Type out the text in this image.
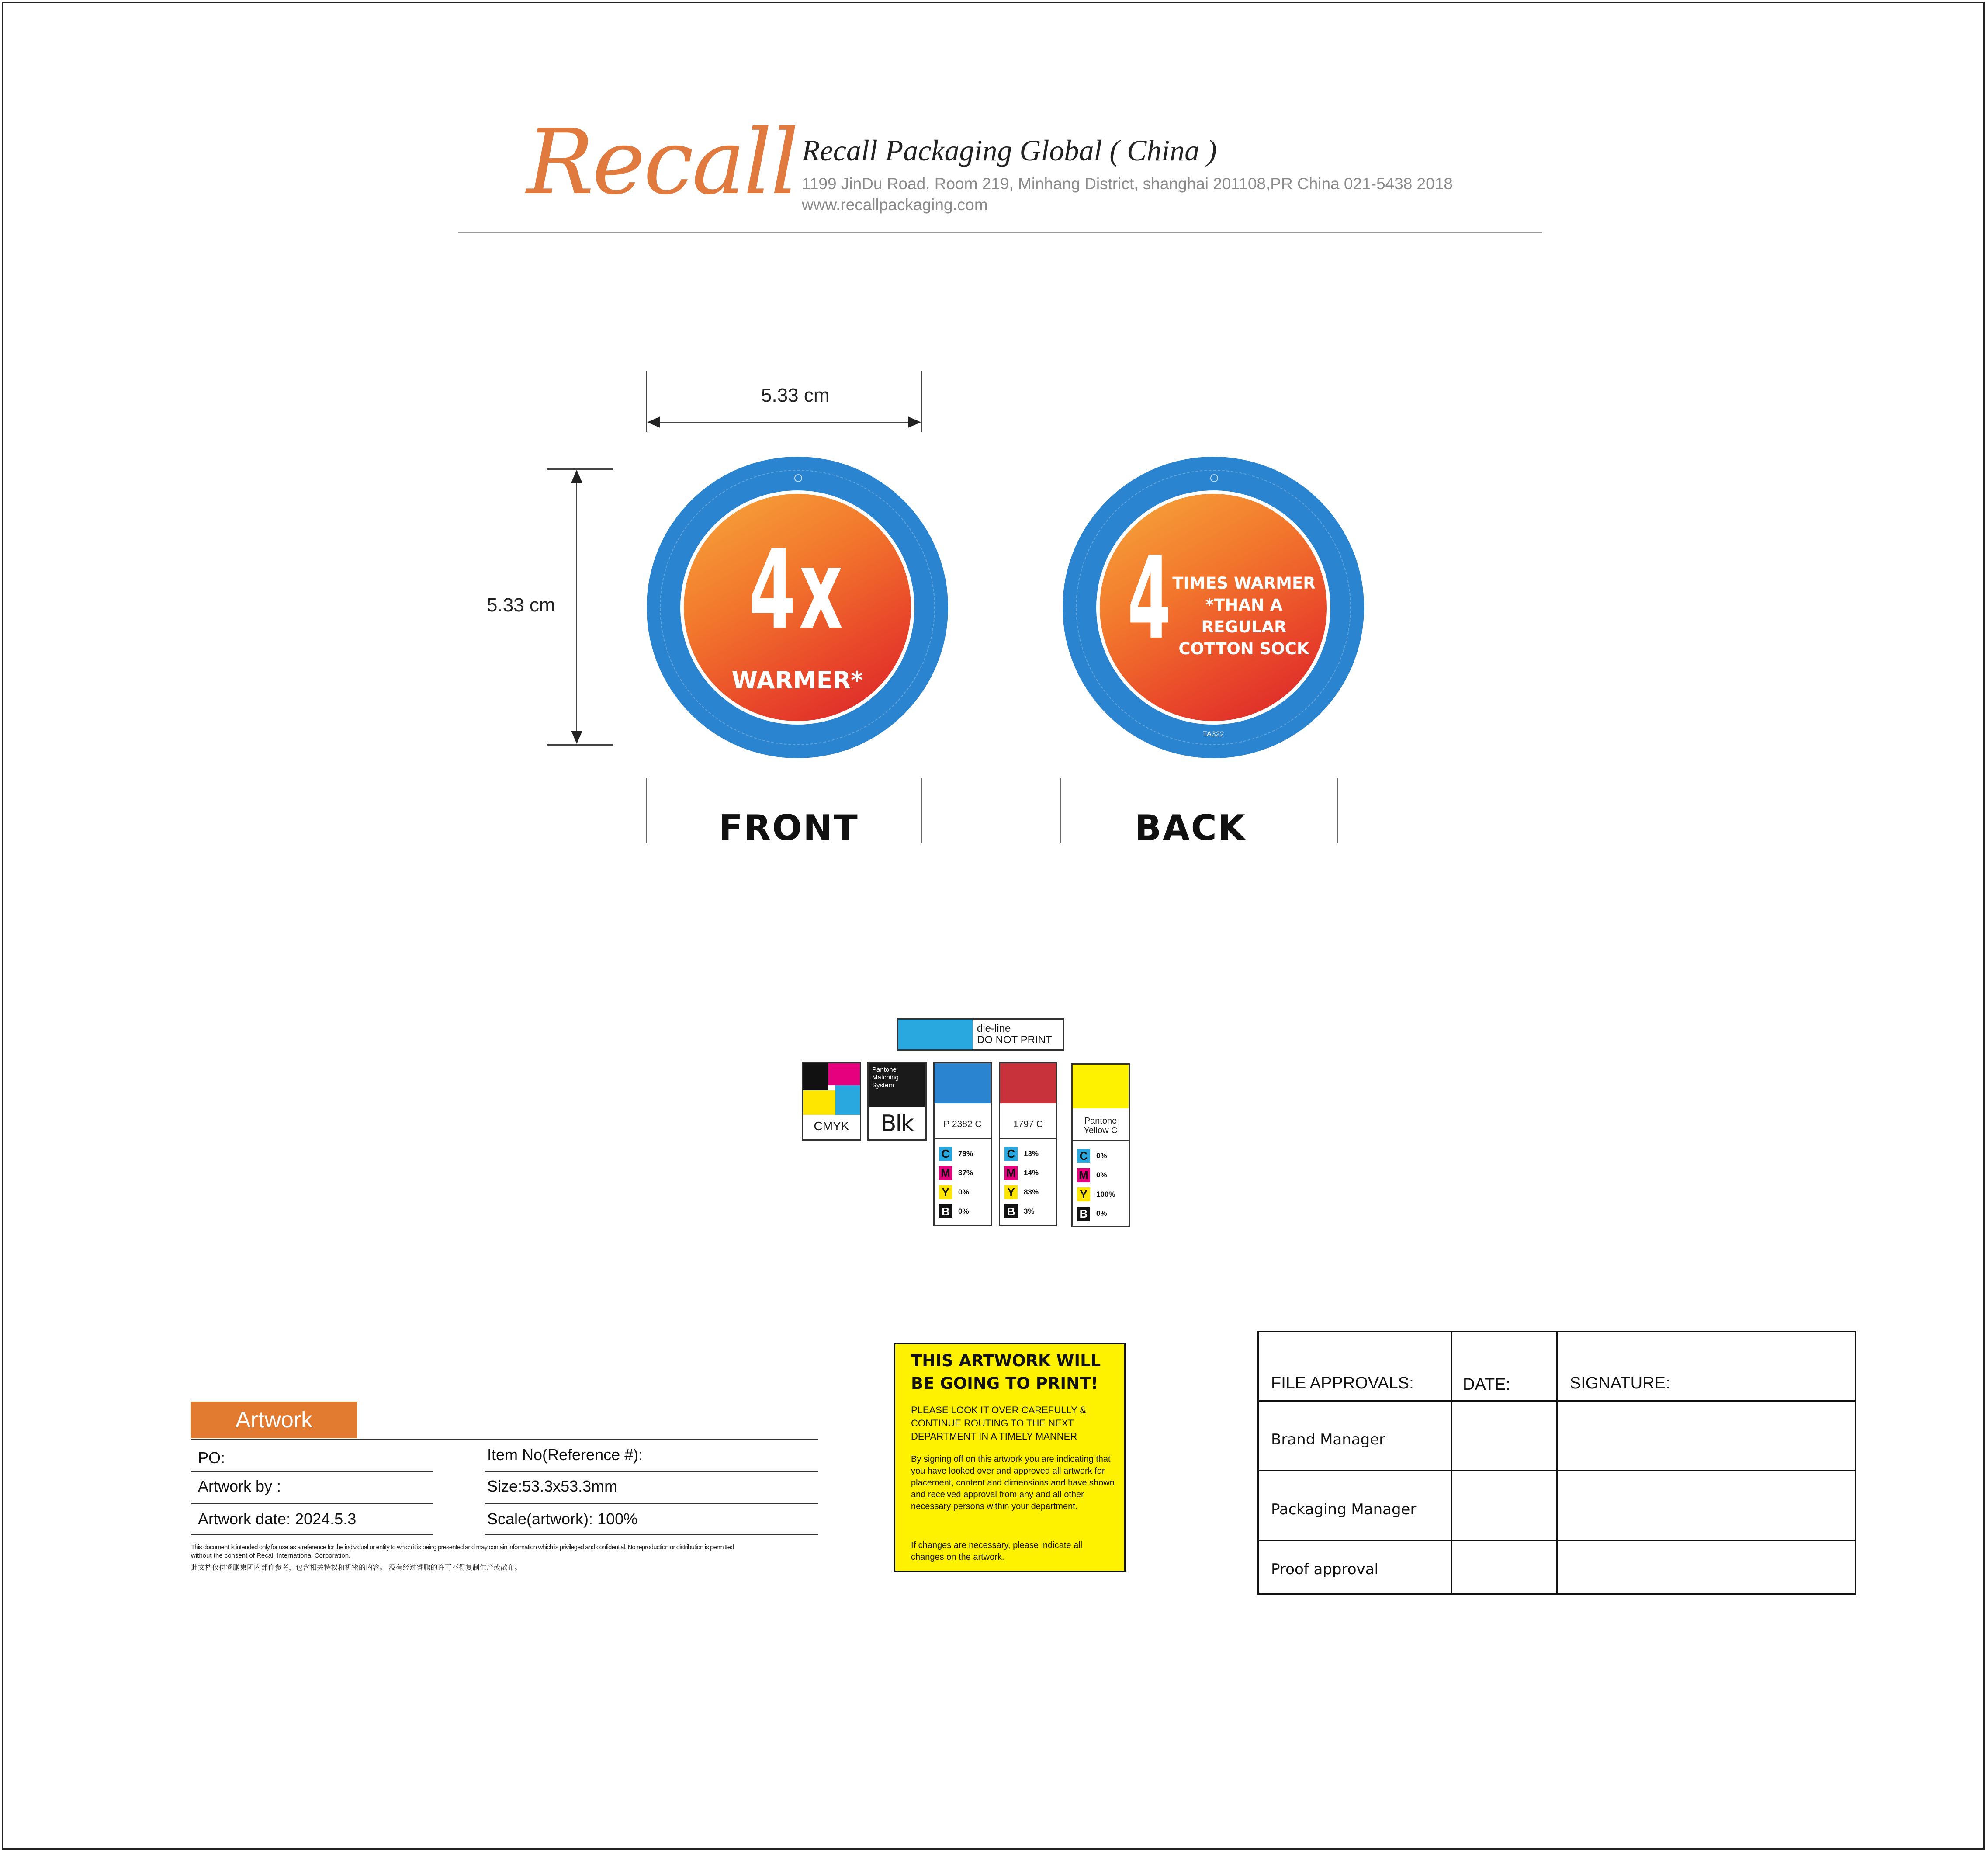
Recall Recall Packaging Global ( China )
1199 JinDu Road, Room 219, Minhang District, shanghai 201108,PR China 021-5438 2018
www.recallpackaging.com
5.33 cm
5.33 cm 4x
WARMER*
4 TIMES WARMER
*THAN A REGULAR
COTTON SOCK
TA322
FRONT	BACK
die-line
DO NOT PRINT
CMYK
Pantone
Matching
System
Blk	P 2382 C
C	79%
M 37%
Y	0%
B	0%
1797 C
C	13%
M 14%
Y	83%
B	3%
Pantone
Yellow C
C	0%
M 0%
Y	100%
B	0%
Artwork
PO:	Item No(Reference #):
Artwork by :	Size:53.3x53.3mm
Artwork date: 2024.5.3	Scale(artwork): 100%
This document is intended only for use as a reference for the individual or entity to which it is being presented and may contain information which is privileged and confidential. No reproduction or distribution is permitted
without the consent of Recall International Corporation.
此文档仅供睿鹏集团内部作参考，包含相关特权和机密的内容。 没有经过睿鹏的许可不得复制生产或散布。
THIS ARTWORK WILL
BE GOING TO PRINT!
PLEASE LOOK IT OVER CAREFULLY & CONTINUE ROUTING TO THE NEXT DEPARTMENT IN A TIMELY MANNER
By signing off on this artwork you are indicating that you have looked over and approved all artwork for placement, content and dimensions and have shown and received approval from any and all other necessary persons within your department.
If changes are necessary, please indicate all changes on the artwork.
FILE APPROVALS:	DATE:	SIGNATURE:
Brand Manager
Packaging Manager
Proof approval
